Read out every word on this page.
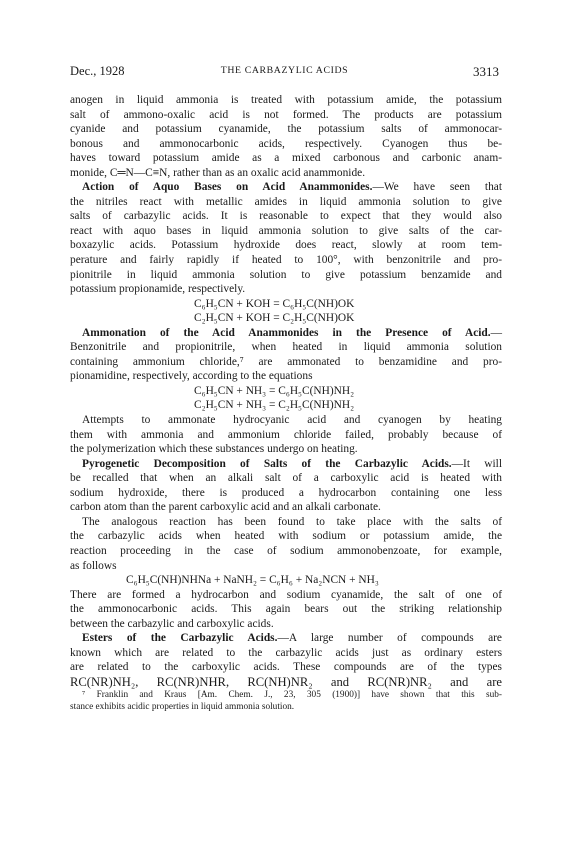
Dec., 1928	THE CARBAZYLIC ACIDS	3313
anogen in liquid ammonia is treated with potassium amide, the potassium
salt of ammono-oxalic acid is not formed. The products are potassium
cyanide and potassium cyanamide, the potassium salts of ammonocar-
bonous and ammonocarbonic acids, respectively. Cyanogen thus be-
haves toward potassium amide as a mixed carbonous and carbonic anam-
monide, C═N—C≡N, rather than as an oxalic acid anammonide.
Action of Aquo Bases on Acid Anammonides.—We have seen that
the nitriles react with metallic amides in liquid ammonia solution to give
salts of carbazylic acids. It is reasonable to expect that they would also
react with aquo bases in liquid ammonia solution to give salts of the car-
boxazylic acids. Potassium hydroxide does react, slowly at room tem-
perature and fairly rapidly if heated to 100°, with benzonitrile and pro-
pionitrile in liquid ammonia solution to give potassium benzamide and
potassium propionamide, respectively.
C₆H₅CN + KOH = C₆H₅C(NH)OK
C₂H₅CN + KOH = C₂H₅C(NH)OK
Ammonation of the Acid Anammonides in the Presence of Acid.—
Benzonitrile and propionitrile, when heated in liquid ammonia solution
containing ammonium chloride,⁷ are ammonated to benzamidine and pro-
pionamidine, respectively, according to the equations
C₆H₅CN + NH₃ = C₆H₅C(NH)NH₂
C₂H₅CN + NH₃ = C₂H₅C(NH)NH₂
Attempts to ammonate hydrocyanic acid and cyanogen by heating
them with ammonia and ammonium chloride failed, probably because of
the polymerization which these substances undergo on heating.
Pyrogenetic Decomposition of Salts of the Carbazylic Acids.—It will
be recalled that when an alkali salt of a carboxylic acid is heated with
sodium hydroxide, there is produced a hydrocarbon containing one less
carbon atom than the parent carboxylic acid and an alkali carbonate.
The analogous reaction has been found to take place with the salts of
the carbazylic acids when heated with sodium or potassium amide, the
reaction proceeding in the case of sodium ammonobenzoate, for example,
as follows
C₆H₅C(NH)NHNa + NaNH₂ = C₆H₆ + Na₂NCN + NH₃
There are formed a hydrocarbon and sodium cyanamide, the salt of one of
the ammonocarbonic acids. This again bears out the striking relationship
between the carbazylic and carboxylic acids.
Esters of the Carbazylic Acids.—A large number of compounds are
known which are related to the carbazylic acids just as ordinary esters
are related to the carboxylic acids. These compounds are of the types
RC(NR)NH₂, RC(NR)NHR, RC(NH)NR₂ and RC(NR)NR₂ and are
⁷ Franklin and Kraus [Am. Chem. J., 23, 305 (1900)] have shown that this sub-
stance exhibits acidic properties in liquid ammonia solution.
